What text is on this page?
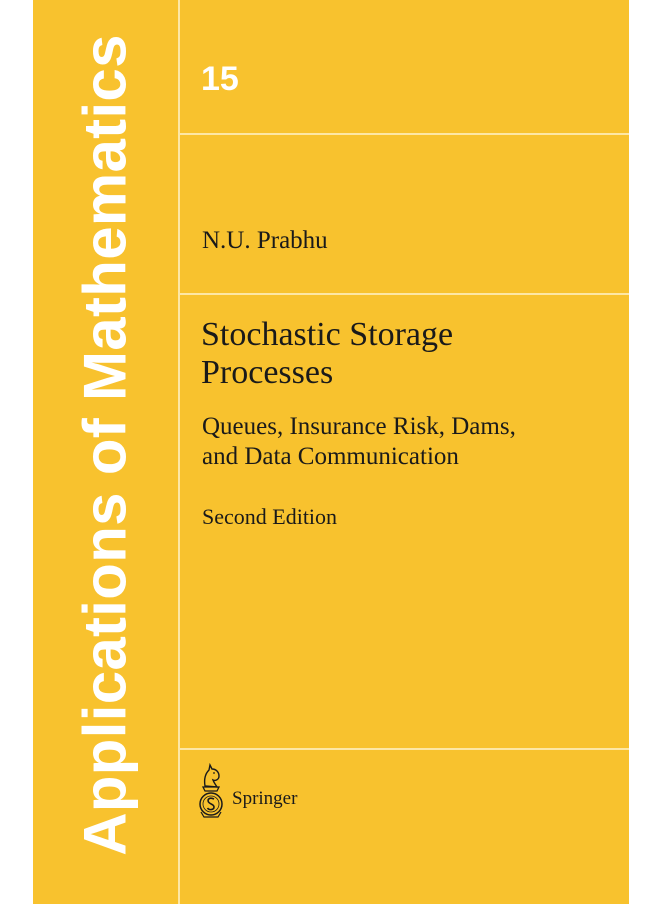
Applications of Mathematics 15
N.U. Prabhu
Stochastic Storage
Processes
Queues, Insurance Risk, Dams,
and Data Communication
Second Edition
Springer
